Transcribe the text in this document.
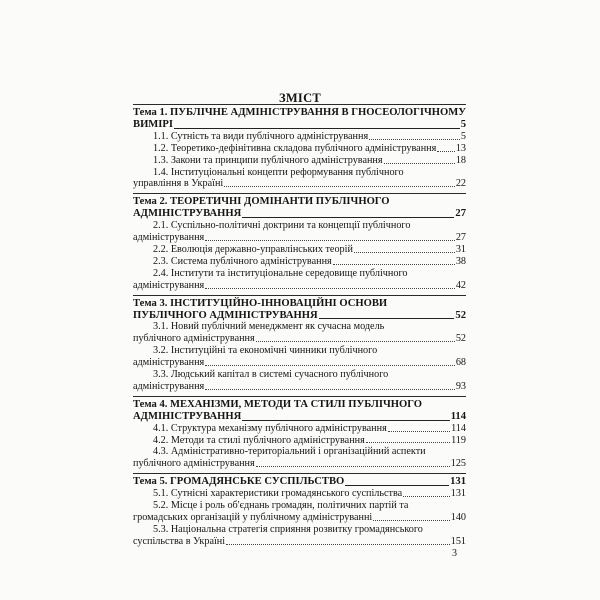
ЗМІСТ
Тема 1. ПУБЛІЧНЕ АДМІНІСТРУВАННЯ В ГНОСЕОЛОГІЧНОМУ
ВИМІРІ	5
1.1. Сутність та види публічного адміністрування	5
1.2. Теоретико-дефінітивна складова публічного адміністрування 13
1.3. Закони та принципи публічного адміністрування	18
1.4. Інституціональні концепти реформування публічного
управління в Україні	22
Тема 2. ТЕОРЕТИЧНІ ДОМІНАНТИ ПУБЛІЧНОГО
АДМІНІСТРУВАННЯ	27
2.1. Суспільно-політичні доктрини та концепції публічного
адміністрування	27
2.2. Еволюція державно-управлінських теорій	31
2.3. Система публічного адміністрування	38
2.4. Інститути та інституціональне середовище публічного
адміністрування	42
Тема 3. ІНСТИТУЦІЙНО-ІННОВАЦІЙНІ ОСНОВИ
ПУБЛІЧНОГО АДМІНІСТРУВАННЯ	52
3.1. Новий публічний менеджмент як сучасна модель
публічного адміністрування	52
3.2. Інституційні та економічні чинники публічного
адміністрування	68
3.3. Людський капітал в системі сучасного публічного
адміністрування	93
Тема 4. МЕХАНІЗМИ, МЕТОДИ ТА СТИЛІ ПУБЛІЧНОГО
АДМІНІСТРУВАННЯ	114
4.1. Структура механізму публічного адміністрування	114
4.2. Методи та стилі публічного адміністрування	119
4.3. Адміністративно-територіальний і організаційний аспекти
публічного адміністрування	125
Тема 5. ГРОМАДЯНСЬКЕ СУСПІЛЬСТВО	131
5.1. Сутнісні характеристики громадянського суспільства	131
5.2. Місце і роль об'єднань громадян, політичних партій та
громадських організацій у публічному адмініструванні	140
5.3. Національна стратегія сприяння розвитку громадянського
суспільства в Україні	151
3
